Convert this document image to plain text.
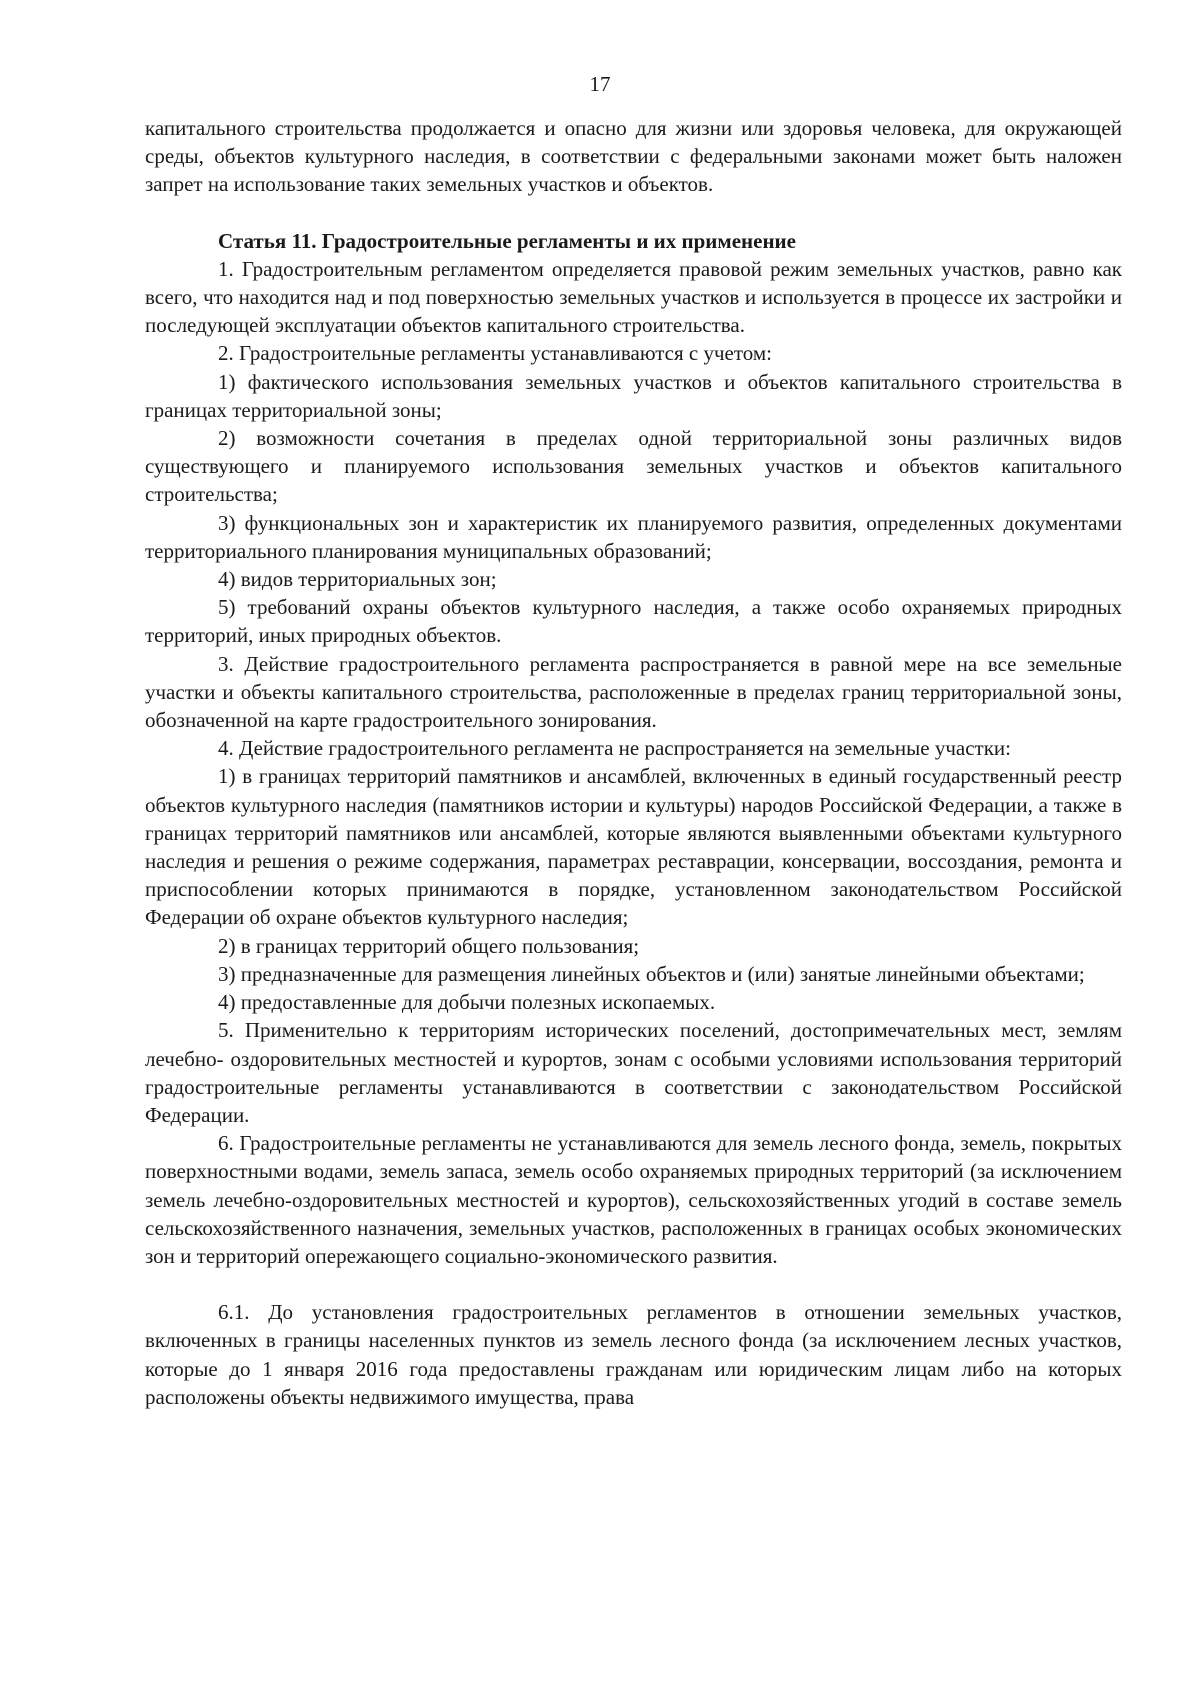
17

капитального строительства продолжается и опасно для жизни или здоровья человека, для окружающей среды, объектов культурного наследия, в соответствии с федеральными законами может быть наложен запрет на использование таких земельных участков и объектов.

Статья 11. Градостроительные регламенты и их применение

1. Градостроительным регламентом определяется правовой режим земельных участков, равно как всего, что находится над и под поверхностью земельных участков и используется в процессе их застройки и последующей эксплуатации объектов капитального строительства.

2. Градостроительные регламенты устанавливаются с учетом:

1) фактического использования земельных участков и объектов капитального строительства в границах территориальной зоны;

2) возможности сочетания в пределах одной территориальной зоны различных видов существующего и планируемого использования земельных участков и объектов капитального строительства;

3) функциональных зон и характеристик их планируемого развития, определенных документами территориального планирования муниципальных образований;

4) видов территориальных зон;

5) требований охраны объектов культурного наследия, а также особо охраняемых природных территорий, иных природных объектов.

3. Действие градостроительного регламента распространяется в равной мере на все земельные участки и объекты капитального строительства, расположенные в пределах границ территориальной зоны, обозначенной на карте градостроительного зонирования.

4. Действие градостроительного регламента не распространяется на земельные участки:

1) в границах территорий памятников и ансамблей, включенных в единый государственный реестр объектов культурного наследия (памятников истории и культуры) народов Российской Федерации, а также в границах территорий памятников или ансамблей, которые являются выявленными объектами культурного наследия и решения о режиме содержания, параметрах реставрации, консервации, воссоздания, ремонта и приспособлении которых принимаются в порядке, установленном законодательством Российской Федерации об охране объектов культурного наследия;

2) в границах территорий общего пользования;

3) предназначенные для размещения линейных объектов и (или) занятые линейными объектами;

4) предоставленные для добычи полезных ископаемых.

5. Применительно к территориям исторических поселений, достопримечательных мест, землям лечебно- оздоровительных местностей и курортов, зонам с особыми условиями использования территорий градостроительные регламенты устанавливаются в соответствии с законодательством Российской Федерации.

6. Градостроительные регламенты не устанавливаются для земель лесного фонда, земель, покрытых поверхностными водами, земель запаса, земель особо охраняемых природных территорий (за исключением земель лечебно-оздоровительных местностей и курортов), сельскохозяйственных угодий в составе земель сельскохозяйственного назначения, земельных участков, расположенных в границах особых экономических зон и территорий опережающего социально-экономического развития.

6.1. До установления градостроительных регламентов в отношении земельных участков, включенных в границы населенных пунктов из земель лесного фонда (за исключением лесных участков, которые до 1 января 2016 года предоставлены гражданам или юридическим лицам либо на которых расположены объекты недвижимого имущества, права
